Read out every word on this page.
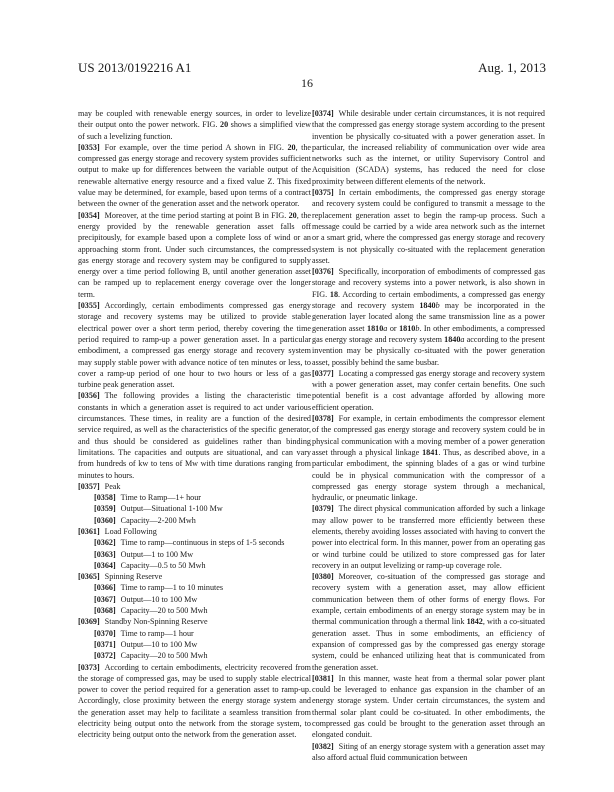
US 2013/0192216 A1	Aug. 1, 2013
16

may be coupled with renewable energy sources, in order to levelize their output onto the power network. FIG. 20 shows a simplified view of such a levelizing function.

[0353] For example, over the time period A shown in FIG. 20, the compressed gas energy storage and recovery system provides sufficient output to make up for differences between the variable output of the renewable alternative energy resource and a fixed value Z. This fixed value may be determined, for example, based upon terms of a contract between the owner of the generation asset and the network operator.

[0354] Moreover, at the time period starting at point B in FIG. 20, the energy provided by the renewable generation asset falls off precipitously, for example based upon a complete loss of wind or an approaching storm front. Under such circumstances, the compressed gas energy storage and recovery system may be configured to supply energy over a time period following B, until another generation asset can be ramped up to replacement energy coverage over the longer term.

[0355] Accordingly, certain embodiments compressed gas energy storage and recovery systems may be utilized to provide stable electrical power over a short term period, thereby covering the time period required to ramp-up a power generation asset. In a particular embodiment, a compressed gas energy storage and recovery system may supply stable power with advance notice of ten minutes or less, to cover a ramp-up period of one hour to two hours or less of a gas turbine peak generation asset.

[0356] The following provides a listing the characteristic time constants in which a generation asset is required to act under various circumstances. These times, in reality are a function of the desired service required, as well as the characteristics of the specific generator, and thus should be considered as guidelines rather than binding limitations. The capacities and outputs are situational, and can vary from hundreds of kw to tens of Mw with time durations ranging from minutes to hours.

[0357] Peak

[0358] Time to Ramp—1+ hour

[0359] Output—Situational 1-100 Mw

[0360] Capacity—2-200 Mwh

[0361] Load Following

[0362] Time to ramp—continuous in steps of 1-5 seconds

[0363] Output—1 to 100 Mw

[0364] Capacity—0.5 to 50 Mwh

[0365] Spinning Reserve

[0366] Time to ramp—1 to 10 minutes

[0367] Output—10 to 100 Mw

[0368] Capacity—20 to 500 Mwh

[0369] Standby Non-Spinning Reserve

[0370] Time to ramp—1 hour

[0371] Output—10 to 100 Mw

[0372] Capacity—20 to 500 Mwh

[0373] According to certain embodiments, electricity recovered from the storage of compressed gas, may be used to supply stable electrical power to cover the period required for a generation asset to ramp-up. Accordingly, close proximity between the energy storage system and the generation asset may help to facilitate a seamless transition from electricity being output onto the network from the storage system, to electricity being output onto the network from the generation asset.

[0374] While desirable under certain circumstances, it is not required that the compressed gas energy storage system according to the present invention be physically co-situated with a power generation asset. In particular, the increased reliability of communication over wide area networks such as the internet, or utility Supervisory Control and Acquisition (SCADA) systems, has reduced the need for close proximity between different elements of the network.

[0375] In certain embodiments, the compressed gas energy storage and recovery system could be configured to transmit a message to the replacement generation asset to begin the ramp-up process. Such a message could be carried by a wide area network such as the internet or a smart grid, where the compressed gas energy storage and recovery system is not physically co-situated with the replacement generation asset.

[0376] Specifically, incorporation of embodiments of compressed gas storage and recovery systems into a power network, is also shown in FIG. 18. According to certain embodiments, a compressed gas energy storage and recovery system 1840b may be incorporated in the generation layer located along the same transmission line as a power generation asset 1810a or 1810b. In other embodiments, a compressed gas energy storage and recovery system 1840a according to the present invention may be physically co-situated with the power generation asset, possibly behind the same busbar.

[0377] Locating a compressed gas energy storage and recovery system with a power generation asset, may confer certain benefits. One such potential benefit is a cost advantage afforded by allowing more efficient operation.

[0378] For example, in certain embodiments the compressor element of the compressed gas energy storage and recovery system could be in physical communication with a moving member of a power generation asset through a physical linkage 1841. Thus, as described above, in a particular embodiment, the spinning blades of a gas or wind turbine could be in physical communication with the compressor of a compressed gas energy storage system through a mechanical, hydraulic, or pneumatic linkage.

[0379] The direct physical communication afforded by such a linkage may allow power to be transferred more efficiently between these elements, thereby avoiding losses associated with having to convert the power into electrical form. In this manner, power from an operating gas or wind turbine could be utilized to store compressed gas for later recovery in an output levelizing or ramp-up coverage role.

[0380] Moreover, co-situation of the compressed gas storage and recovery system with a generation asset, may allow efficient communication between them of other forms of energy flows. For example, certain embodiments of an energy storage system may be in thermal communication through a thermal link 1842, with a co-situated generation asset. Thus in some embodiments, an efficiency of expansion of compressed gas by the compressed gas energy storage system, could be enhanced utilizing heat that is communicated from the generation asset.

[0381] In this manner, waste heat from a thermal solar power plant could be leveraged to enhance gas expansion in the chamber of an energy storage system. Under certain circumstances, the system and thermal solar plant could be co-situated. In other embodiments, the compressed gas could be brought to the generation asset through an elongated conduit.

[0382] Siting of an energy storage system with a generation asset may also afford actual fluid communication between
